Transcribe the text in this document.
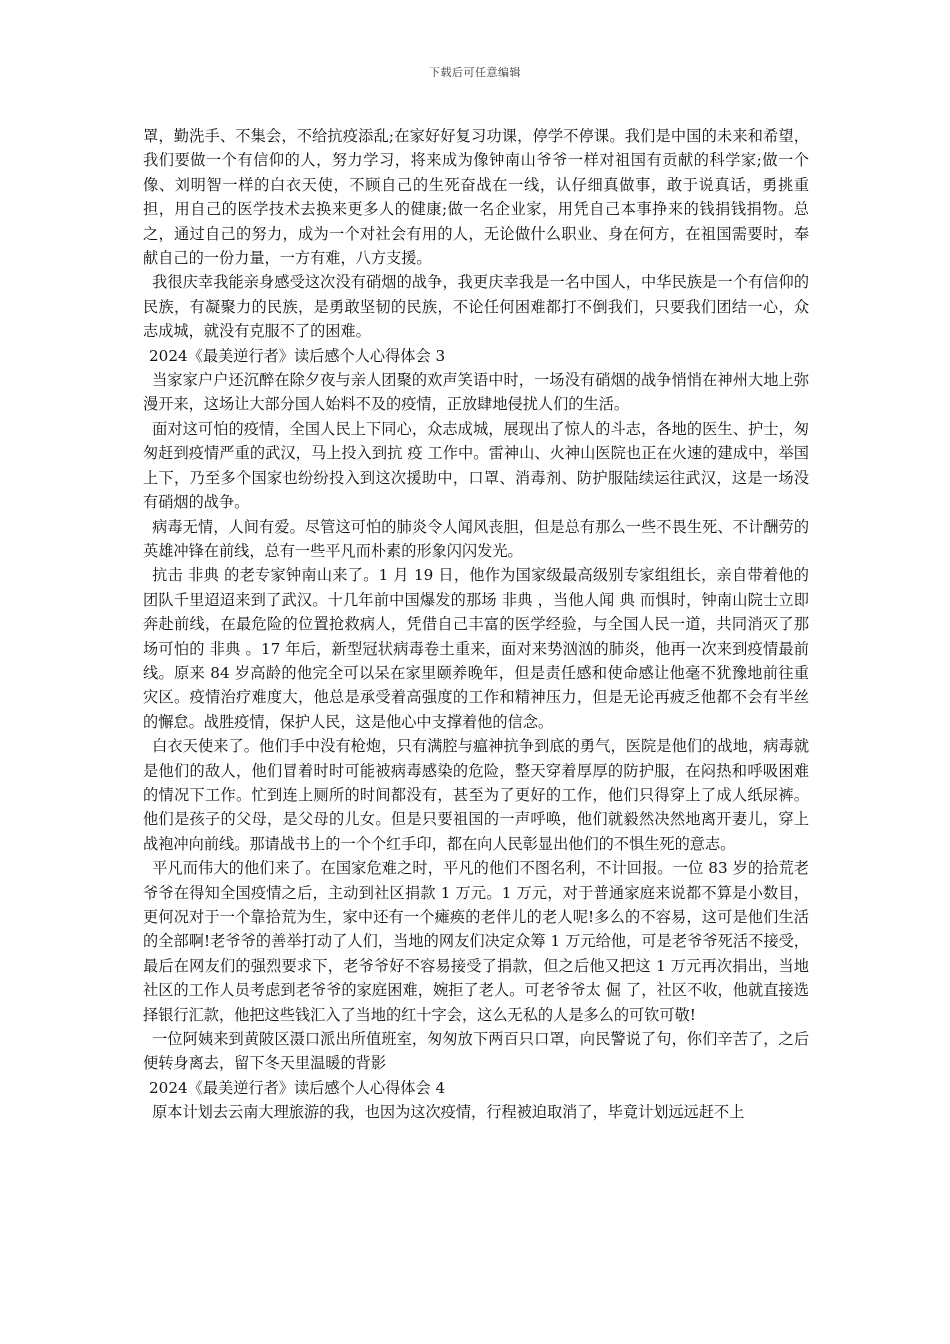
下载后可任意编辑

罩，勤洗手、不集会，不给抗疫添乱;在家好好复习功课，停学不停课。我们是中国的未来和希望，我们要做一个有信仰的人，努力学习，将来成为像钟南山爷爷一样对祖国有贡献的科学家;做一个像、刘明智一样的白衣天使，不顾自己的生死奋战在一线，认仔细真做事，敢于说真话，勇挑重担，用自己的医学技术去换来更多人的健康;做一名企业家，用凭自己本事挣来的钱捐钱捐物。总之，通过自己的努力，成为一个对社会有用的人，无论做什么职业、身在何方，在祖国需要时，奉献自己的一份力量，一方有难，八方支援。

我很庆幸我能亲身感受这次没有硝烟的战争，我更庆幸我是一名中国人，中华民族是一个有信仰的民族，有凝聚力的民族，是勇敢坚韧的民族，不论任何困难都打不倒我们，只要我们团结一心，众志成城，就没有克服不了的困难。

2024《最美逆行者》读后感个人心得体会 3

当家家户户还沉醉在除夕夜与亲人团聚的欢声笑语中时，一场没有硝烟的战争悄悄在神州大地上弥漫开来，这场让大部分国人始料不及的疫情，正放肆地侵扰人们的生活。

面对这可怕的疫情，全国人民上下同心，众志成城，展现出了惊人的斗志，各地的医生、护士，匆匆赶到疫情严重的武汉，马上投入到抗 疫 工作中。雷神山、火神山医院也正在火速的建成中，举国上下，乃至多个国家也纷纷投入到这次援助中，口罩、消毒剂、防护服陆续运往武汉，这是一场没有硝烟的战争。

病毒无情，人间有爱。尽管这可怕的肺炎令人闻风丧胆，但是总有那么一些不畏生死、不计酬劳的英雄冲锋在前线，总有一些平凡而朴素的形象闪闪发光。

抗击 非典 的老专家钟南山来了。1 月 19 日，他作为国家级最高级别专家组组长，亲自带着他的团队千里迢迢来到了武汉。十几年前中国爆发的那场 非典 ，当他人闻 典 而惧时，钟南山院士立即奔赴前线，在最危险的位置抢救病人，凭借自己丰富的医学经验，与全国人民一道，共同消灭了那场可怕的 非典 。17 年后，新型冠状病毒卷土重来，面对来势汹汹的肺炎，他再一次来到疫情最前线。原来 84 岁高龄的他完全可以呆在家里颐养晚年，但是责任感和使命感让他毫不犹豫地前往重灾区。疫情治疗难度大，他总是承受着高强度的工作和精神压力，但是无论再疲乏他都不会有半丝的懈怠。战胜疫情，保护人民，这是他心中支撑着他的信念。

白衣天使来了。他们手中没有枪炮，只有满腔与瘟神抗争到底的勇气，医院是他们的战地，病毒就是他们的敌人，他们冒着时时可能被病毒感染的危险，整天穿着厚厚的防护服，在闷热和呼吸困难的情况下工作。忙到连上厕所的时间都没有，甚至为了更好的工作，他们只得穿上了成人纸尿裤。他们是孩子的父母，是父母的儿女。但是只要祖国的一声呼唤，他们就毅然决然地离开妻儿，穿上战袍冲向前线。那请战书上的一个个红手印，都在向人民彰显出他们的不惧生死的意志。

平凡而伟大的他们来了。在国家危难之时，平凡的他们不图名利，不计回报。一位 83 岁的拾荒老爷爷在得知全国疫情之后，主动到社区捐款 1 万元。1 万元，对于普通家庭来说都不算是小数目，更何况对于一个靠拾荒为生，家中还有一个瘫痪的老伴儿的老人呢!多么的不容易，这可是他们生活的全部啊!老爷爷的善举打动了人们，当地的网友们决定众筹 1 万元给他，可是老爷爷死活不接受，最后在网友们的强烈要求下，老爷爷好不容易接受了捐款，但之后他又把这 1 万元再次捐出，当地社区的工作人员考虑到老爷爷的家庭困难，婉拒了老人。可老爷爷太 倔 了，社区不收，他就直接选择银行汇款，他把这些钱汇入了当地的红十字会，这么无私的人是多么的可钦可敬!

一位阿姨来到黄陂区滠口派出所值班室，匆匆放下两百只口罩，向民警说了句，你们辛苦了，之后便转身离去，留下冬天里温暖的背影

2024《最美逆行者》读后感个人心得体会 4

原本计划去云南大理旅游的我，也因为这次疫情，行程被迫取消了，毕竟计划远远赶不上
